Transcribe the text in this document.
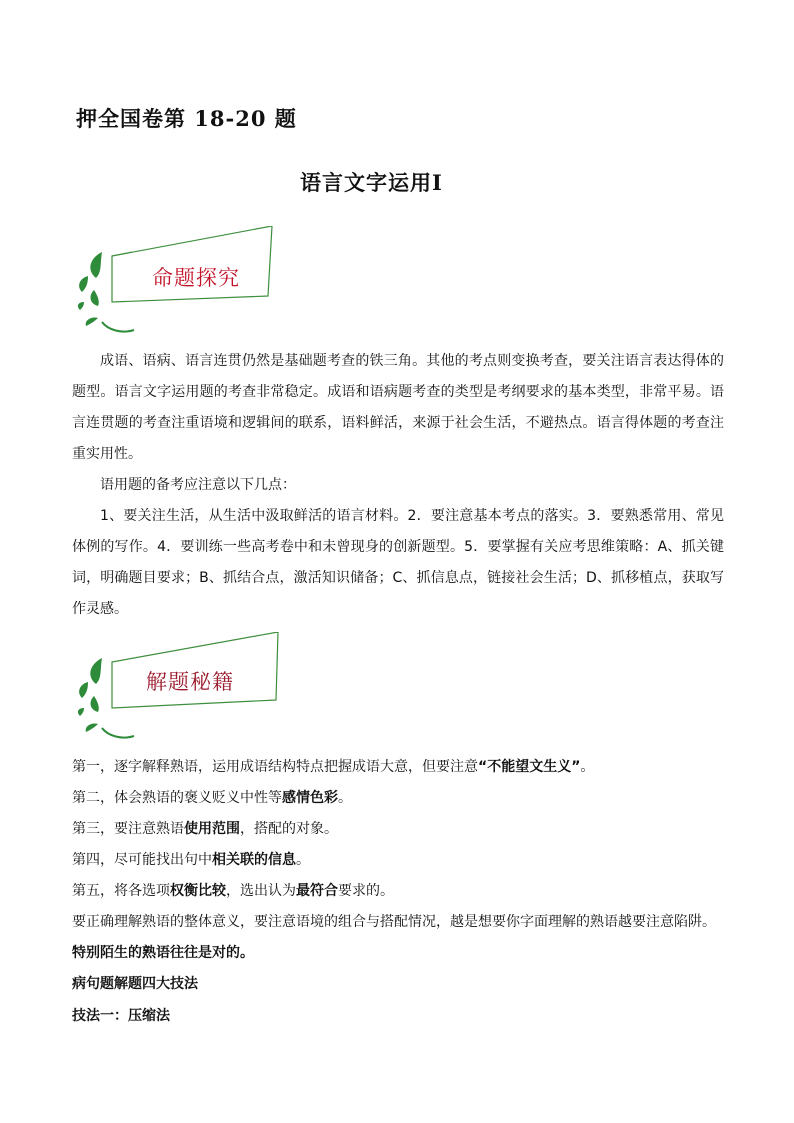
押全国卷第 18-20 题
语言文字运用Ⅰ
命题探究
成语、语病、语言连贯仍然是基础题考查的铁三角。其他的考点则变换考查，要关注语言表达得体的题型。语言文字运用题的考查非常稳定。成语和语病题考查的类型是考纲要求的基本类型，非常平易。语言连贯题的考查注重语境和逻辑间的联系，语料鲜活，来源于社会生活，不避热点。语言得体题的考查注重实用性。
语用题的备考应注意以下几点：
1、要关注生活，从生活中汲取鲜活的语言材料。2．要注意基本考点的落实。3．要熟悉常用、常见体例的写作。4．要训练一些高考卷中和未曾现身的创新题型。5．要掌握有关应考思维策略：A、抓关键词，明确题目要求；B、抓结合点，激活知识储备；C、抓信息点，链接社会生活；D、抓移植点，获取写作灵感。
解题秘籍
第一，逐字解释熟语，运用成语结构特点把握成语大意，但要注意“不能望文生义”。
第二，体会熟语的褒义贬义中性等感情色彩。
第三，要注意熟语使用范围，搭配的对象。
第四，尽可能找出句中相关联的信息。
第五，将各选项权衡比较，选出认为最符合要求的。
要正确理解熟语的整体意义，要注意语境的组合与搭配情况，越是想要你字面理解的熟语越要注意陷阱。
特别陌生的熟语往往是对的。
病句题解题四大技法
技法一：压缩法
